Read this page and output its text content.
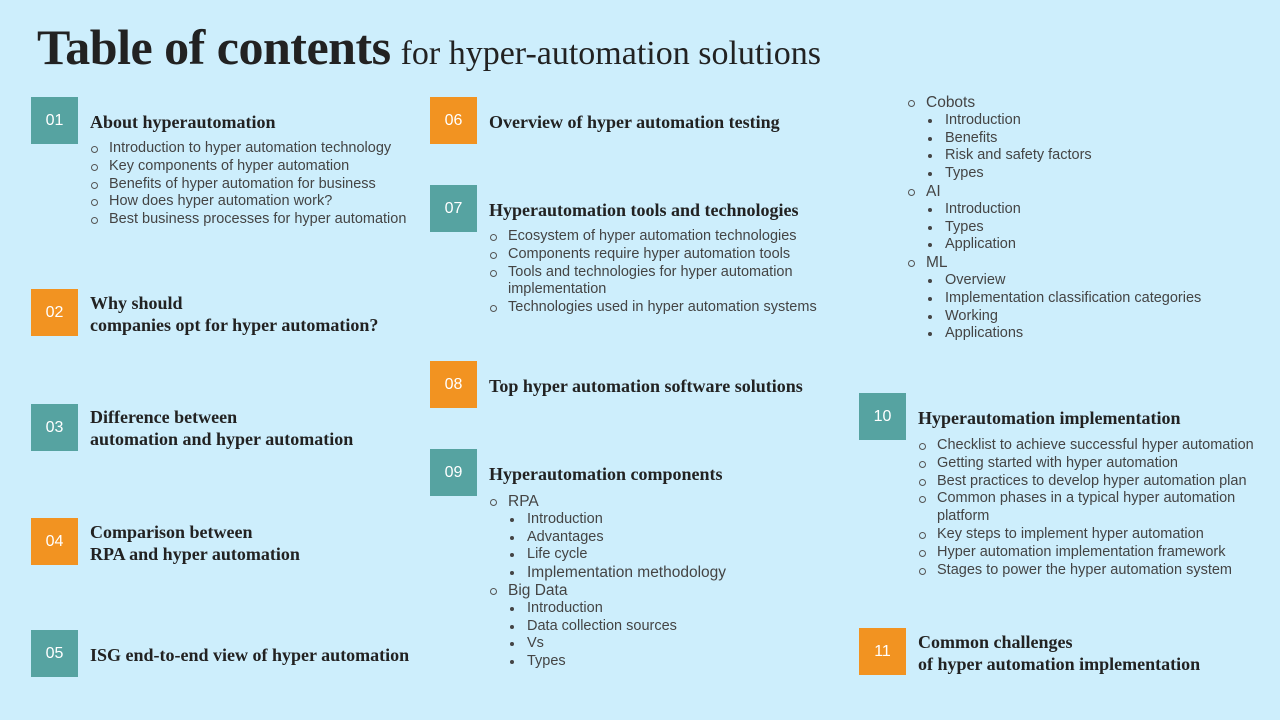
Table of contents for hyper-automation solutions
01	About hyperautomation
Introduction to hyper automation technology
Key components of hyper automation
Benefits of hyper automation for business
How does hyper automation work?
Best business processes for hyper automation
02	Why should
companies opt for hyper automation?
03	Difference between
automation and hyper automation
04	Comparison between
RPA and hyper automation
05	ISG end-to-end view of hyper automation
06	Overview of hyper automation testing
07	Hyperautomation tools and technologies
Ecosystem of hyper automation technologies
Components require hyper automation tools
Tools and technologies for hyper automation implementation
Technologies used in hyper automation systems
08	Top hyper automation software solutions
09	Hyperautomation components
RPA
Introduction
Advantages
Life cycle
Implementation methodology
Big Data
Introduction
Data collection sources
Vs
Types
Cobots
Introduction
Benefits
Risk and safety factors
Types
AI
Introduction
Types
Application
ML
Overview
Implementation classification categories
Working
Applications
10	Hyperautomation implementation
Checklist to achieve successful hyper automation
Getting started with hyper automation
Best practices to develop hyper automation plan
Common phases in a typical hyper automation platform
Key steps to implement hyper automation
Hyper automation implementation framework
Stages to power the hyper automation system
11	Common challenges
of hyper automation implementation
